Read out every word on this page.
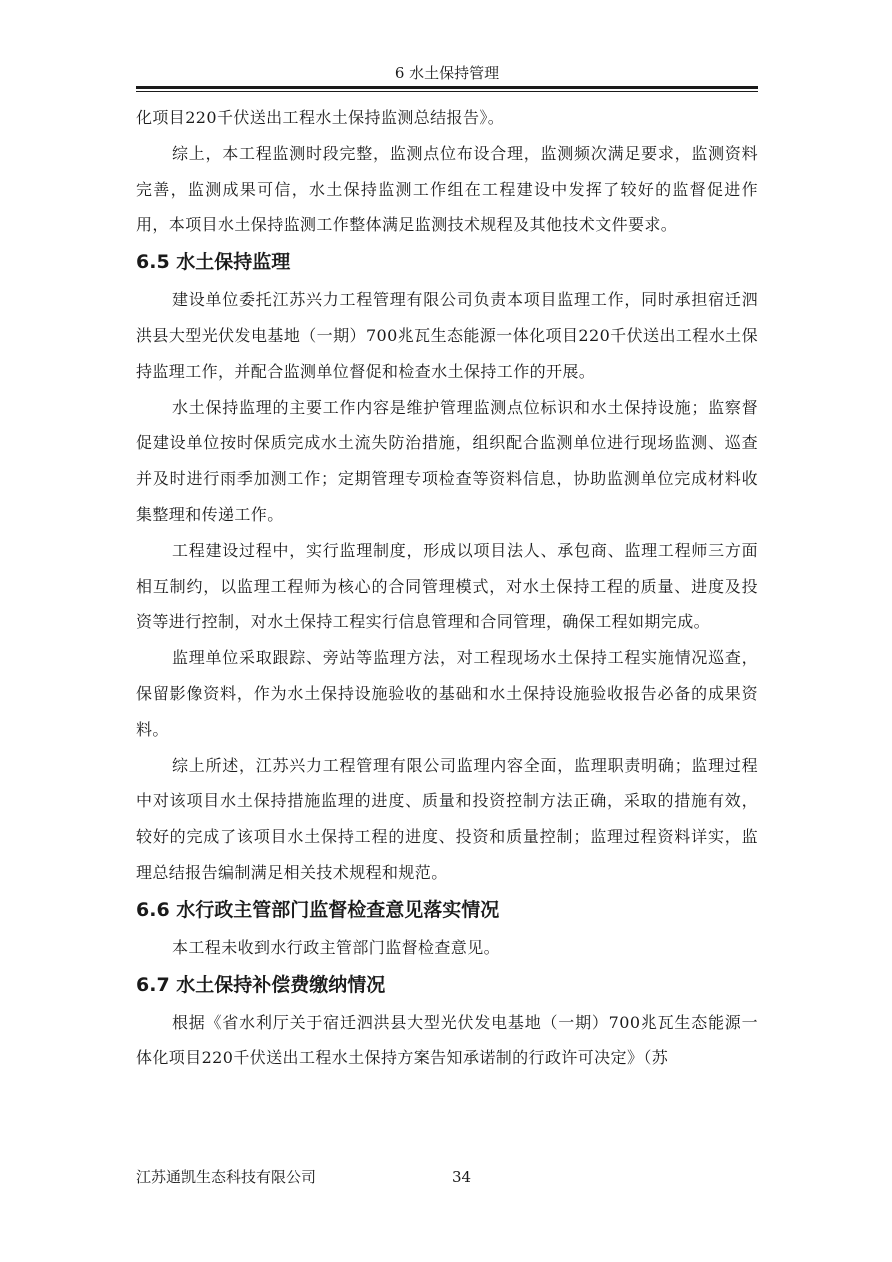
6 水土保持管理

化项目220千伏送出工程水土保持监测总结报告》。

综上，本工程监测时段完整，监测点位布设合理，监测频次满足要求，监测资料完善，监测成果可信，水土保持监测工作组在工程建设中发挥了较好的监督促进作用，本项目水土保持监测工作整体满足监测技术规程及其他技术文件要求。

6.5 水土保持监理

建设单位委托江苏兴力工程管理有限公司负责本项目监理工作，同时承担宿迁泗洪县大型光伏发电基地（一期）700兆瓦生态能源一体化项目220千伏送出工程水土保持监理工作，并配合监测单位督促和检查水土保持工作的开展。

水土保持监理的主要工作内容是维护管理监测点位标识和水土保持设施；监察督促建设单位按时保质完成水土流失防治措施，组织配合监测单位进行现场监测、巡查并及时进行雨季加测工作；定期管理专项检查等资料信息，协助监测单位完成材料收集整理和传递工作。

工程建设过程中，实行监理制度，形成以项目法人、承包商、监理工程师三方面相互制约，以监理工程师为核心的合同管理模式，对水土保持工程的质量、进度及投资等进行控制，对水土保持工程实行信息管理和合同管理，确保工程如期完成。

监理单位采取跟踪、旁站等监理方法，对工程现场水土保持工程实施情况巡查，保留影像资料，作为水土保持设施验收的基础和水土保持设施验收报告必备的成果资料。

综上所述，江苏兴力工程管理有限公司监理内容全面，监理职责明确；监理过程中对该项目水土保持措施监理的进度、质量和投资控制方法正确，采取的措施有效，较好的完成了该项目水土保持工程的进度、投资和质量控制；监理过程资料详实，监理总结报告编制满足相关技术规程和规范。

6.6 水行政主管部门监督检查意见落实情况

本工程未收到水行政主管部门监督检查意见。

6.7 水土保持补偿费缴纳情况

根据《省水利厅关于宿迁泗洪县大型光伏发电基地（一期）700兆瓦生态能源一体化项目220千伏送出工程水土保持方案告知承诺制的行政许可决定》（苏

江苏通凯生态科技有限公司	34
